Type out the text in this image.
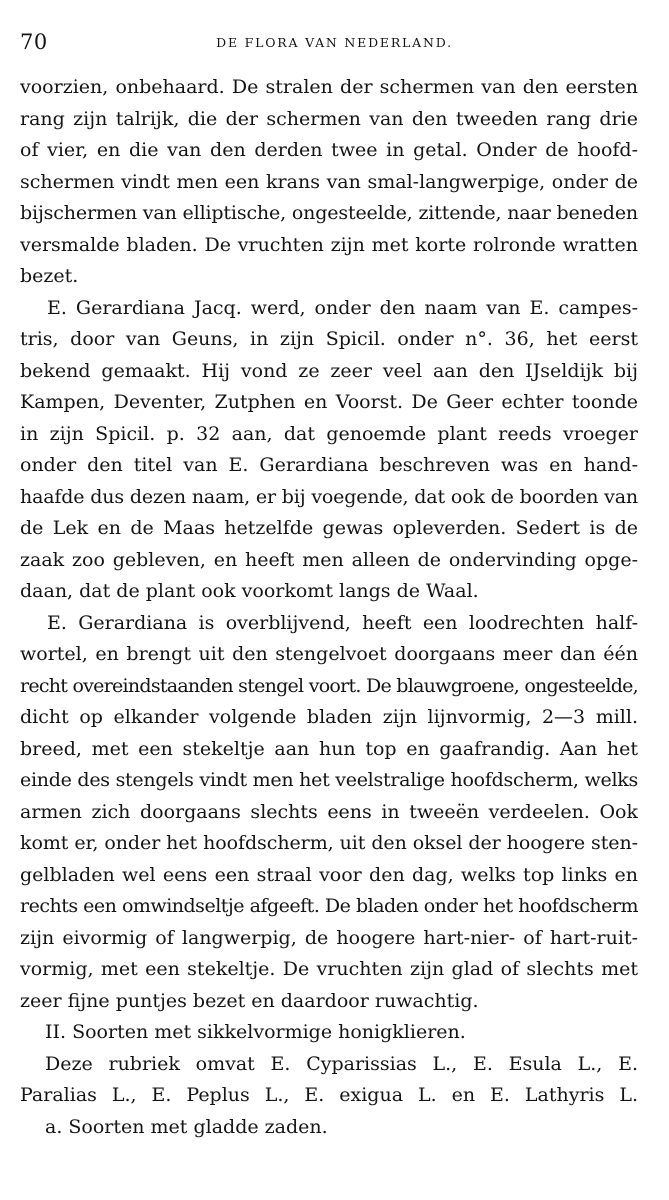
70	DE FLORA VAN NEDERLAND.
voorzien, onbehaard. De stralen der schermen van den eersten
rang zijn talrijk, die der schermen van den tweeden rang drie
of vier, en die van den derden twee in getal. Onder de hoofd-
schermen vindt men een krans van smal-langwerpige, onder de
bijschermen van elliptische, ongesteelde, zittende, naar beneden
versmalde bladen. De vruchten zijn met korte rolronde wratten
bezet.
E. Gerardiana Jacq. werd, onder den naam van E. campes-
tris, door van Geuns, in zijn Spicil. onder n°. 36, het eerst
bekend gemaakt. Hij vond ze zeer veel aan den IJseldijk bij
Kampen, Deventer, Zutphen en Voorst. De Geer echter toonde
in zijn Spicil. p. 32 aan, dat genoemde plant reeds vroeger
onder den titel van E. Gerardiana beschreven was en hand-
haafde dus dezen naam, er bij voegende, dat ook de boorden van
de Lek en de Maas hetzelfde gewas opleverden. Sedert is de
zaak zoo gebleven, en heeft men alleen de ondervinding opge-
daan, dat de plant ook voorkomt langs de Waal.
E. Gerardiana is overblijvend, heeft een loodrechten half-
wortel, en brengt uit den stengelvoet doorgaans meer dan één
recht overeindstaanden stengel voort. De blauwgroene, ongesteelde,
dicht op elkander volgende bladen zijn lijnvormig, 2—3 mill.
breed, met een stekeltje aan hun top en gaafrandig. Aan het
einde des stengels vindt men het veelstralige hoofdscherm, welks
armen zich doorgaans slechts eens in tweeën verdeelen. Ook
komt er, onder het hoofdscherm, uit den oksel der hoogere sten-
gelbladen wel eens een straal voor den dag, welks top links en
rechts een omwindseltje afgeeft. De bladen onder het hoofdscherm
zijn eivormig of langwerpig, de hoogere hart-nier- of hart-ruit-
vormig, met een stekeltje. De vruchten zijn glad of slechts met
zeer fijne puntjes bezet en daardoor ruwachtig.
II. Soorten met sikkelvormige honigklieren.
Deze rubriek omvat E. Cyparissias L., E. Esula L., E.
Paralias L., E. Peplus L., E. exigua L. en E. Lathyris L.
a. Soorten met gladde zaden.
